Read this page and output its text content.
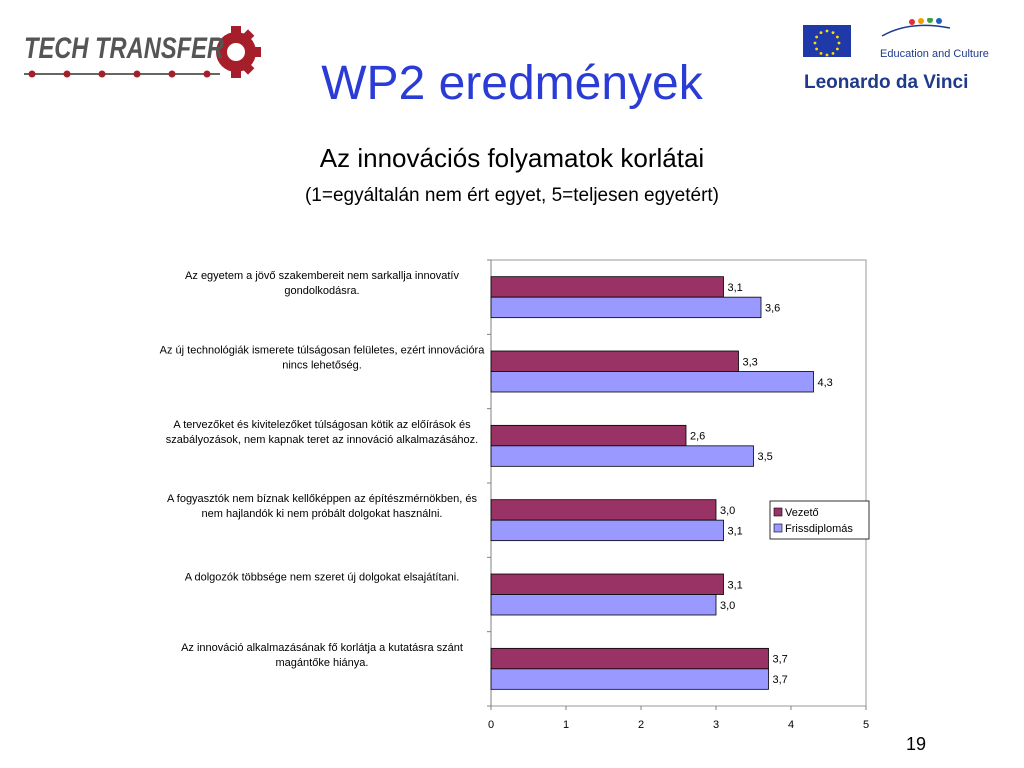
TECH TRANSFER	Education and Culture
Leonardo da Vinci
WP2 eredmények
Az innovációs folyamatok korlátai
(1=egyáltalán nem ért egyet, 5=teljesen egyetért)
0	1	2	3	4	5
3,1
3,6
Az egyetem a jövő szakembereit nem sarkallja innovatív gondolkodásra.
3,3
4,3
Az új technológiák ismerete túlságosan felületes, ezért innovációra nincs lehetőség.
2,6
3,5
A tervezőket és kivitelezőket túlságosan kötik az előírások és szabályozások, nem kapnak teret az innováció alkalmazásához.
3,0
3,1
A fogyasztók nem bíznak kellőképpen az építészmérnökben, és nem hajlandók ki nem próbált dolgokat használni.
3,1
3,0
A dolgozók többsége nem szeret új dolgokat elsajátítani.
3,7
3,7
Az innováció alkalmazásának fő korlátja a kutatásra szánt magántőke hiánya.
Vezető
Frissdiplomás
19
